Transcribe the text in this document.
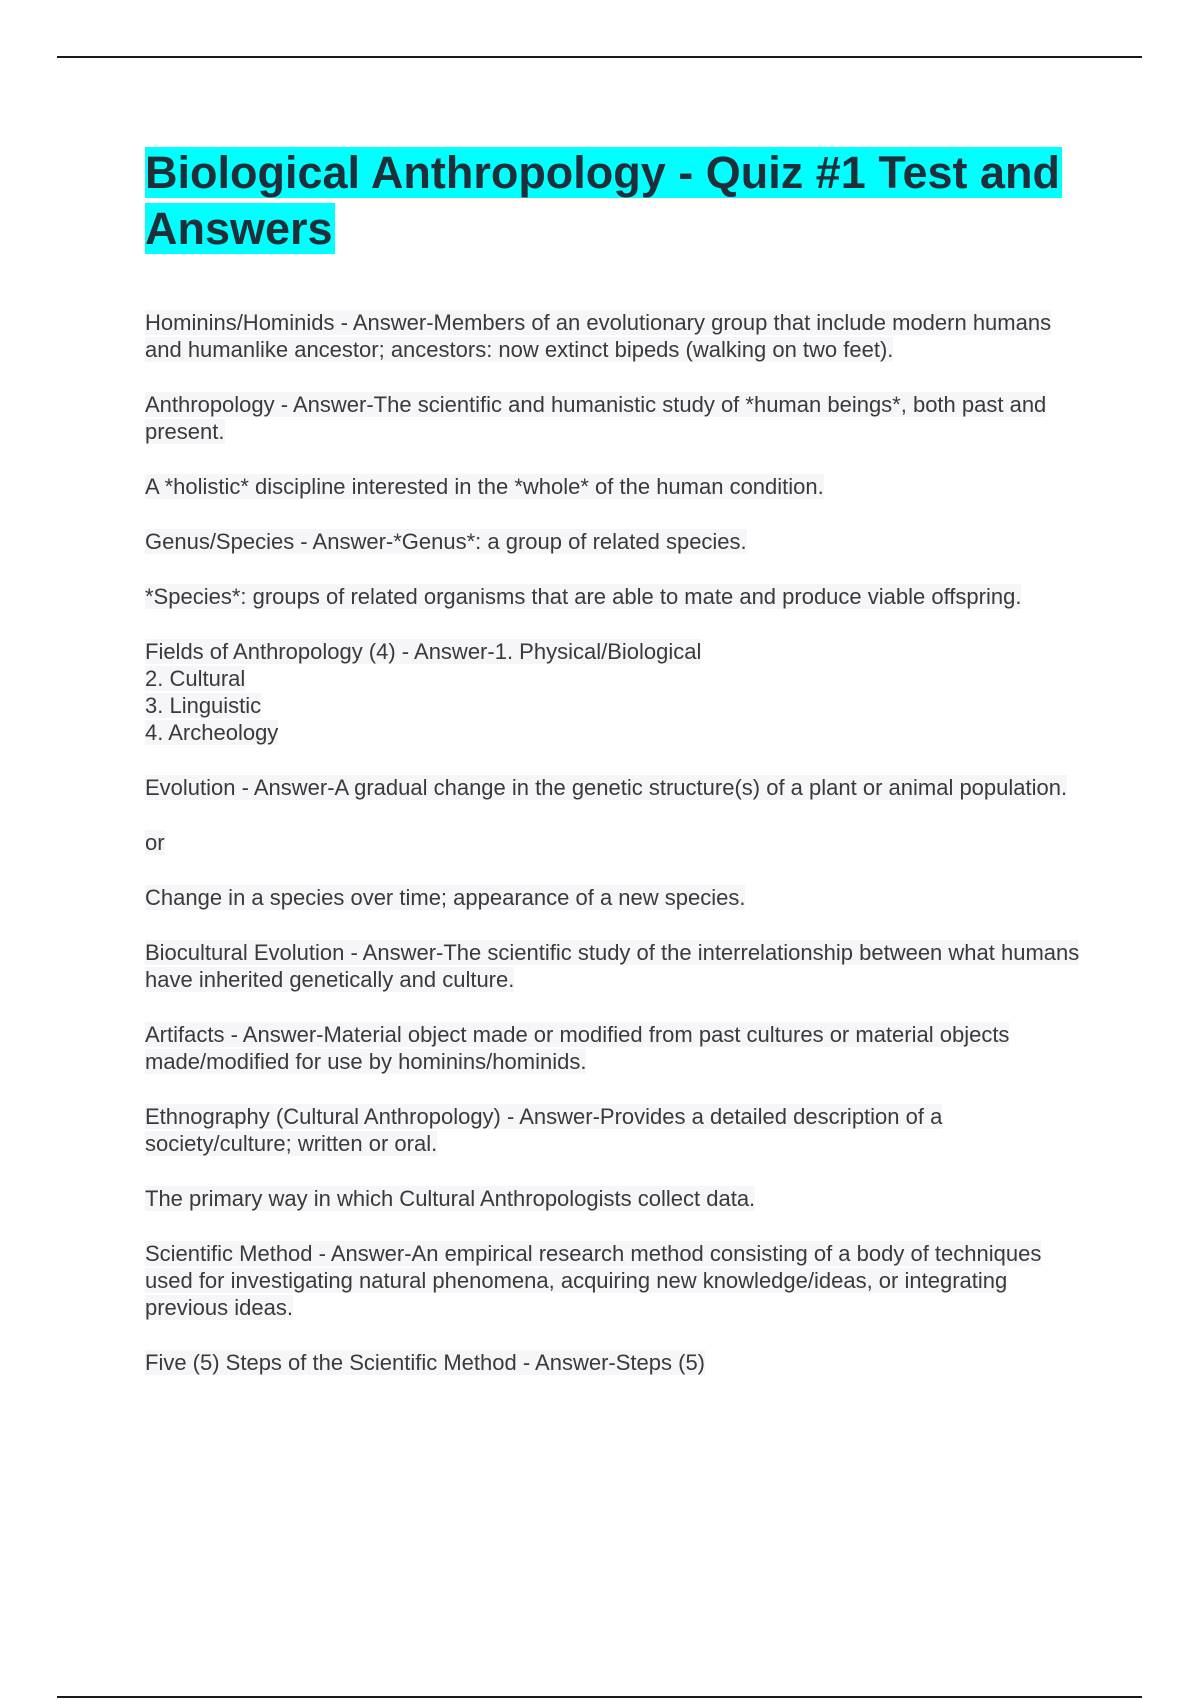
Biological Anthropology - Quiz #1 Test and Answers

Hominins/Hominids - Answer-Members of an evolutionary group that include modern humans and humanlike ancestor; ancestors: now extinct bipeds (walking on two feet).

Anthropology - Answer-The scientific and humanistic study of *human beings*, both past and present.

A *holistic* discipline interested in the *whole* of the human condition.

Genus/Species - Answer-*Genus*: a group of related species.

*Species*: groups of related organisms that are able to mate and produce viable offspring.

Fields of Anthropology (4) - Answer-1. Physical/Biological
2. Cultural
3. Linguistic
4. Archeology

Evolution - Answer-A gradual change in the genetic structure(s) of a plant or animal population.

or

Change in a species over time; appearance of a new species.

Biocultural Evolution - Answer-The scientific study of the interrelationship between what humans have inherited genetically and culture.

Artifacts - Answer-Material object made or modified from past cultures or material objects made/modified for use by hominins/hominids.

Ethnography (Cultural Anthropology) - Answer-Provides a detailed description of a society/culture; written or oral.

The primary way in which Cultural Anthropologists collect data.

Scientific Method - Answer-An empirical research method consisting of a body of techniques used for investigating natural phenomena, acquiring new knowledge/ideas, or integrating previous ideas.

Five (5) Steps of the Scientific Method - Answer-Steps (5)
